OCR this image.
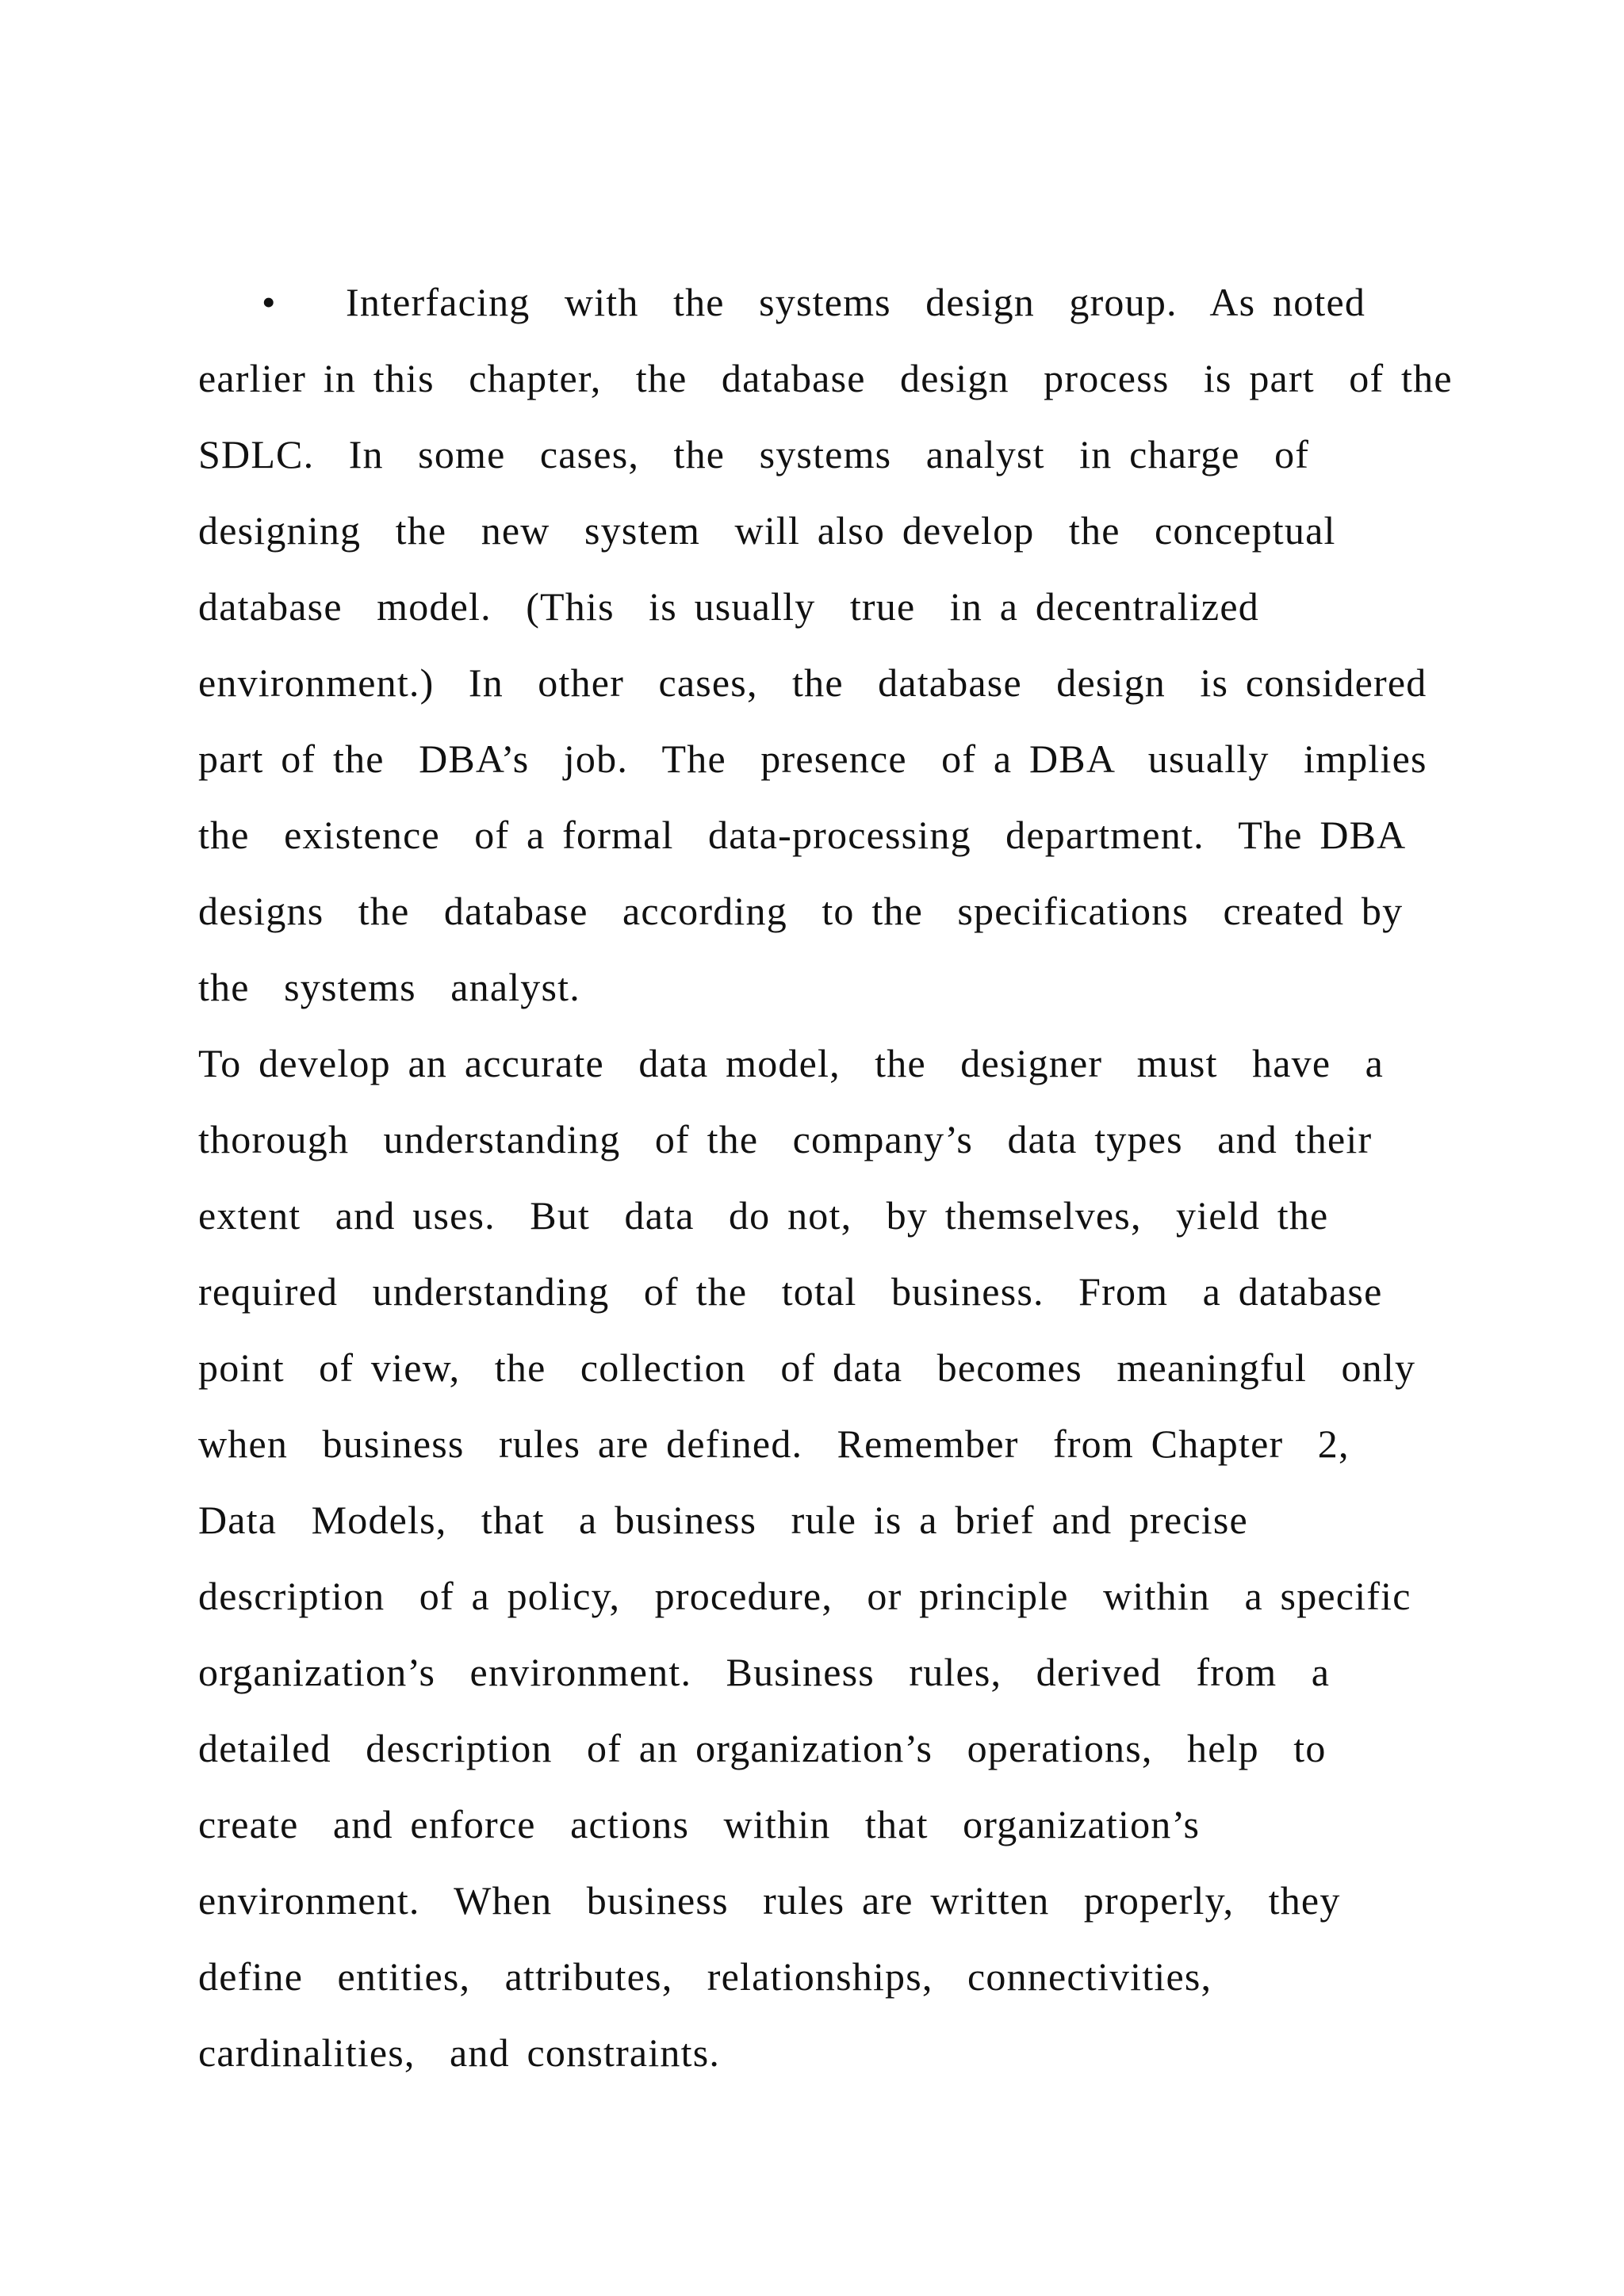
• Interfacing  with  the  systems  design  group.  As noted

earlier in this  chapter,  the  database  design  process  is part  of the

SDLC.  In  some  cases,  the  systems  analyst  in charge  of

designing  the  new  system  will also develop  the  conceptual

database  model.  (This  is usually  true  in a decentralized

environment.)  In  other  cases,  the  database  design  is considered

part of the  DBA’s  job.  The  presence  of a DBA  usually  implies

the  existence  of a formal  data-processing  department.  The DBA

designs  the  database  according  to the  specifications  created by

the  systems  analyst.

To develop an accurate  data model,  the  designer  must  have  a

thorough  understanding  of the  company’s  data types  and their

extent  and uses.  But  data  do not,  by themselves,  yield the

required  understanding  of the  total  business.  From  a database

point  of view,  the  collection  of data  becomes  meaningful  only

when  business  rules are defined.  Remember  from Chapter  2,

Data  Models,  that  a business  rule is a brief and precise

description  of a policy,  procedure,  or principle  within  a specific

organization’s  environment.  Business  rules,  derived  from  a

detailed  description  of an organization’s  operations,  help  to

create  and enforce  actions  within  that  organization’s

environment.  When  business  rules are written  properly,  they

define  entities,  attributes,  relationships,  connectivities,

cardinalities,  and constraints.
